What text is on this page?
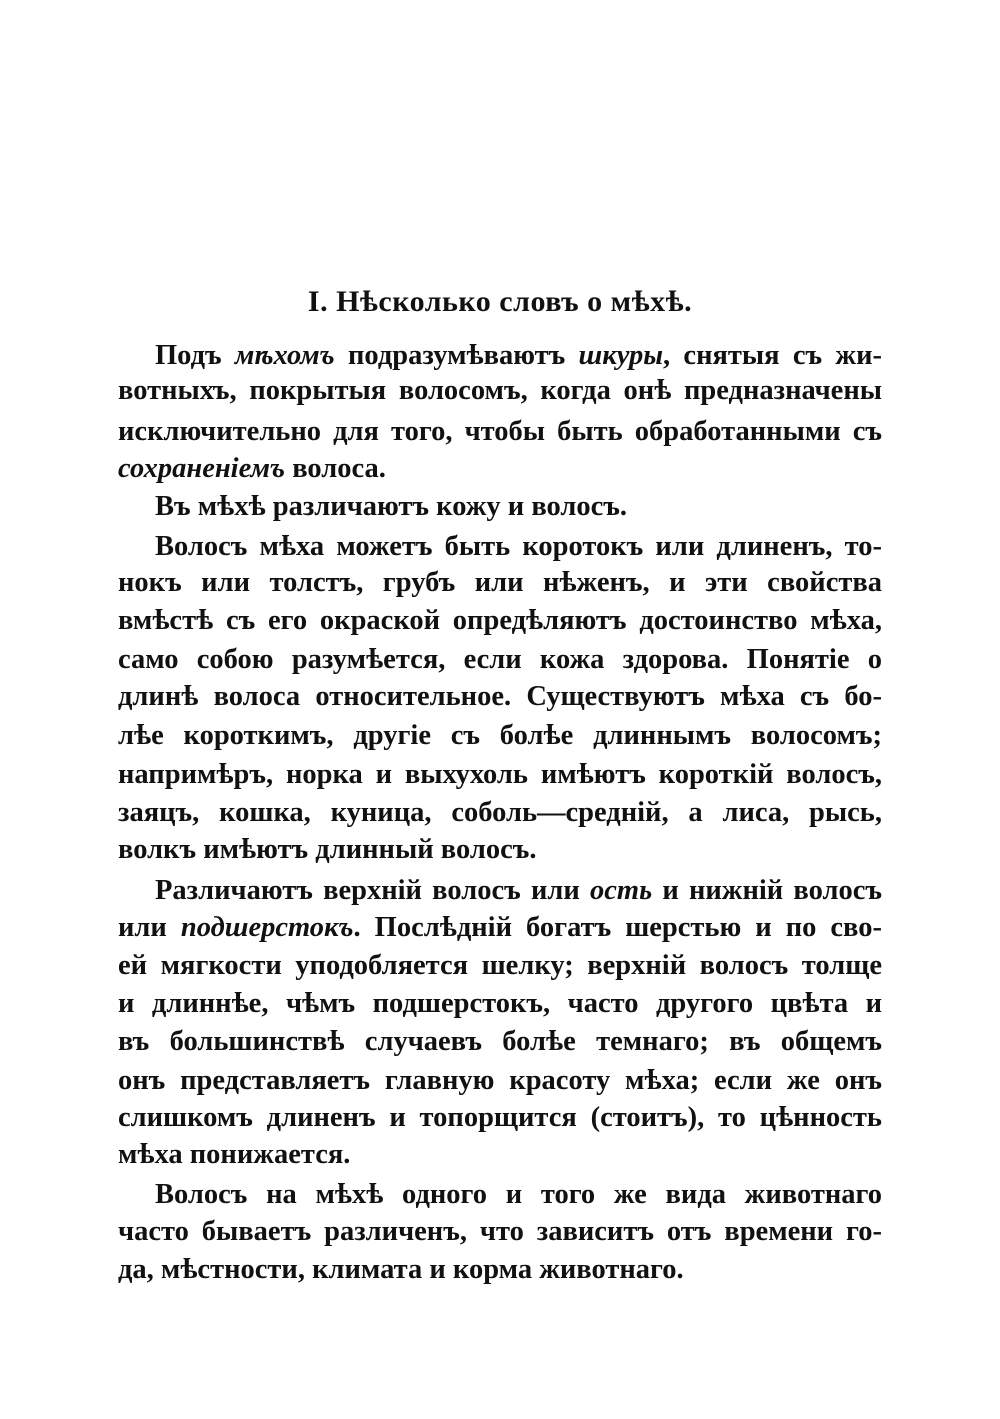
I. Нѣсколько словъ о мѣхѣ.
Подъ мѣхомъ подразумѣваютъ шкуры, снятыя съ жи-
вотныхъ, покрытыя волосомъ, когда онѣ предназначены
исключительно для того, чтобы быть обработанными съ
сохраненіемъ волоса.
Въ мѣхѣ различаютъ кожу и волосъ.
Волосъ мѣха можетъ быть коротокъ или длиненъ, то-
нокъ или толстъ, грубъ или нѣженъ, и эти свойства
вмѣстѣ съ его окраской опредѣляютъ достоинство мѣха,
само собою разумѣется, если кожа здорова. Понятіе о
длинѣ волоса относительное. Существуютъ мѣха съ бо-
лѣе короткимъ, другіе съ болѣе длиннымъ волосомъ;
напримѣръ, норка и выхухоль имѣютъ короткій волосъ,
заяцъ, кошка, куница, соболь—средній, а лиса, рысь,
волкъ имѣютъ длинный волосъ.
Различаютъ верхній волосъ или ость и нижній волосъ
или подшерстокъ. Послѣдній богатъ шерстью и по сво-
ей мягкости уподобляется шелку; верхній волосъ толще
и длиннѣе, чѣмъ подшерстокъ, часто другого цвѣта и
въ большинствѣ случаевъ болѣе темнаго; въ общемъ
онъ представляетъ главную красоту мѣха; если же онъ
слишкомъ длиненъ и топорщится (стоитъ), то цѣнность
мѣха понижается.
Волосъ на мѣхѣ одного и того же вида животнаго
часто бываетъ различенъ, что зависитъ отъ времени го-
да, мѣстности, климата и корма животнаго.
